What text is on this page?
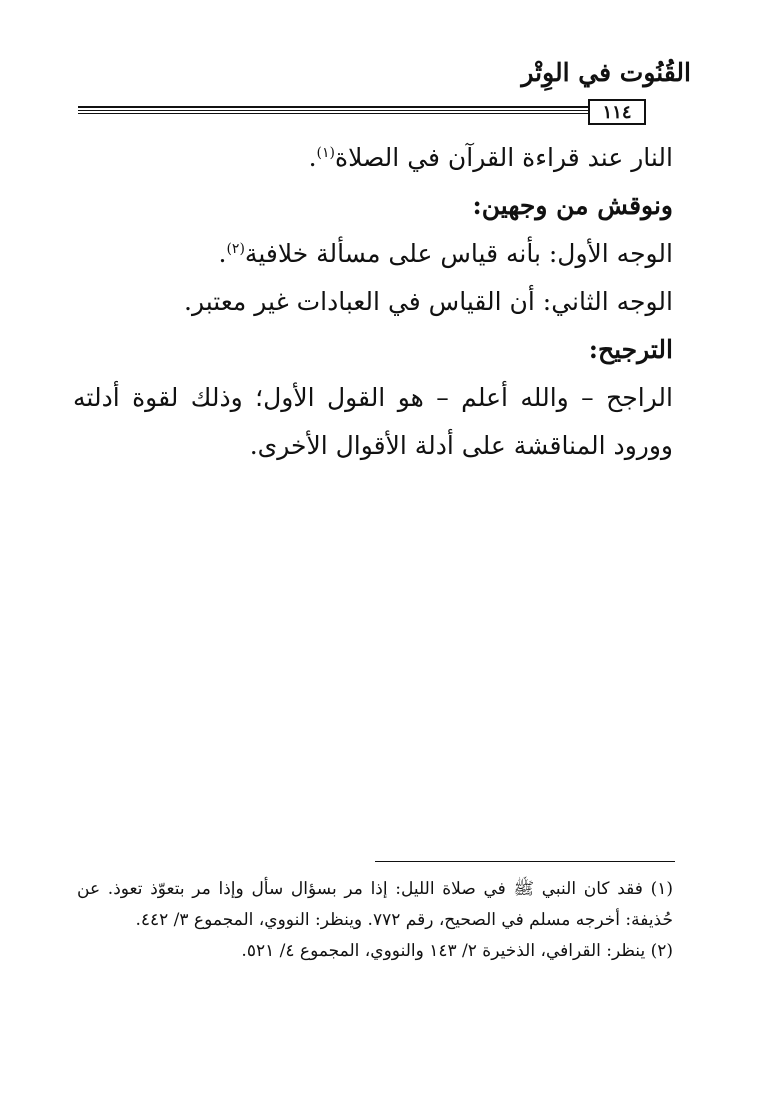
القُنُوت في الوِتْر
١١٤
النار عند قراءة القرآن في الصلاة$^{(١)}$.
ونوقش من وجهين:
الوجه الأول: بأنه قياس على مسألة خلافية$^{(٢)}$.
الوجه الثاني: أن القياس في العبادات غير معتبر.
الترجيح:
الراجح – والله أعلم – هو القول الأول؛ وذلك لقوة أدلته
وورود المناقشة على أدلة الأقوال الأخرى.
(١) فقد كان النبي ﷺ في صلاة الليل: إذا مر بسؤال سأل وإذا مر بتعوّذ تعوذ. عن حُذيفة: أخرجه مسلم في الصحيح، رقم ٧٧٢. وينظر: النووي، المجموع ٣/ ٤٤٢.
(٢) ينظر: القرافي، الذخيرة ٢/ ١٤٣ والنووي، المجموع ٤/ ٥٢١.
